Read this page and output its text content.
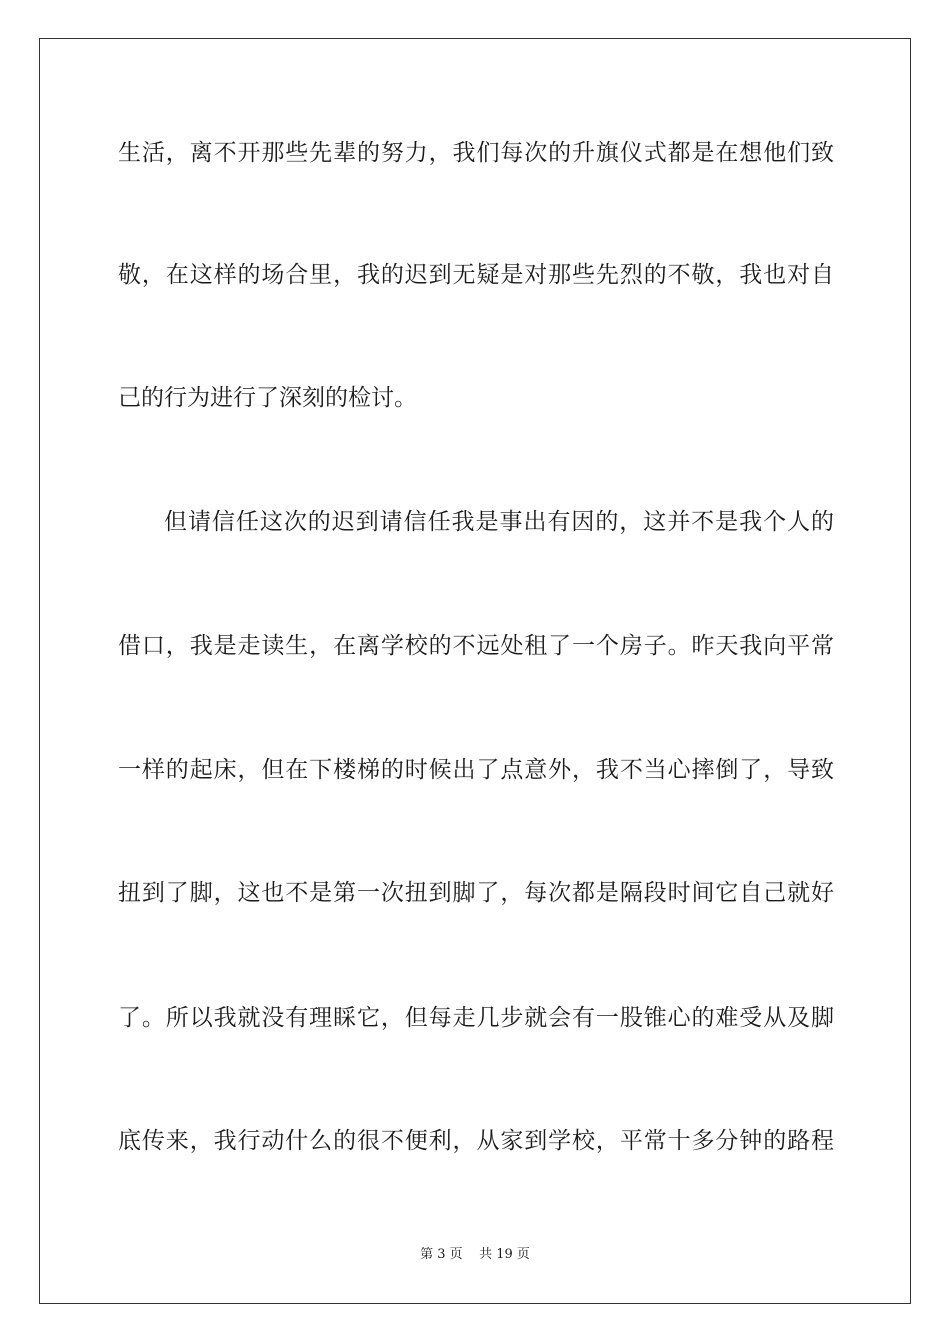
生活，离不开那些先辈的努力，我们每次的升旗仪式都是在想他们致
敬，在这样的场合里，我的迟到无疑是对那些先烈的不敬，我也对自
己的行为进行了深刻的检讨。
但请信任这次的迟到请信任我是事出有因的，这并不是我个人的
借口，我是走读生，在离学校的不远处租了一个房子。昨天我向平常
一样的起床，但在下楼梯的时候出了点意外，我不当心摔倒了，导致
扭到了脚，这也不是第一次扭到脚了，每次都是隔段时间它自己就好
了。所以我就没有理睬它，但每走几步就会有一股锥心的难受从及脚
底传来，我行动什么的很不便利，从家到学校，平常十多分钟的路程
第 3 页    共 19 页
